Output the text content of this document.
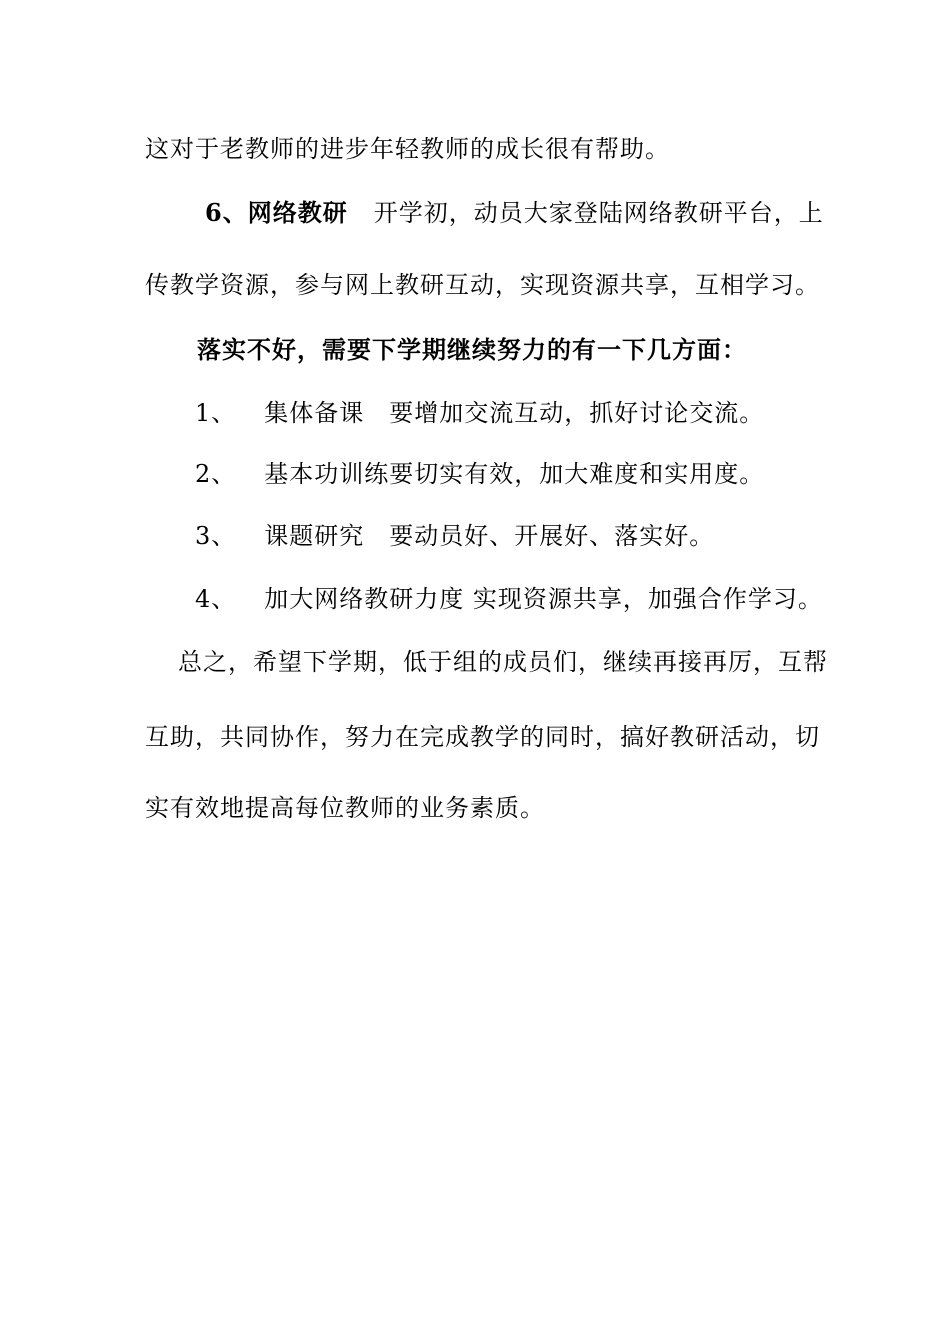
这对于老教师的进步年轻教师的成长很有帮助。
6、网络教研 开学初，动员大家登陆网络教研平台，上
传教学资源，参与网上教研互动，实现资源共享，互相学习。
落实不好，需要下学期继续努力的有一下几方面：
1、 集体备课　要增加交流互动，抓好讨论交流。
2、 基本功训练要切实有效，加大难度和实用度。
3、 课题研究　要动员好、开展好、落实好。
4、 加大网络教研力度 实现资源共享，加强合作学习。
总之，希望下学期，低于组的成员们，继续再接再厉，互帮
互助，共同协作，努力在完成教学的同时，搞好教研活动，切
实有效地提高每位教师的业务素质。
